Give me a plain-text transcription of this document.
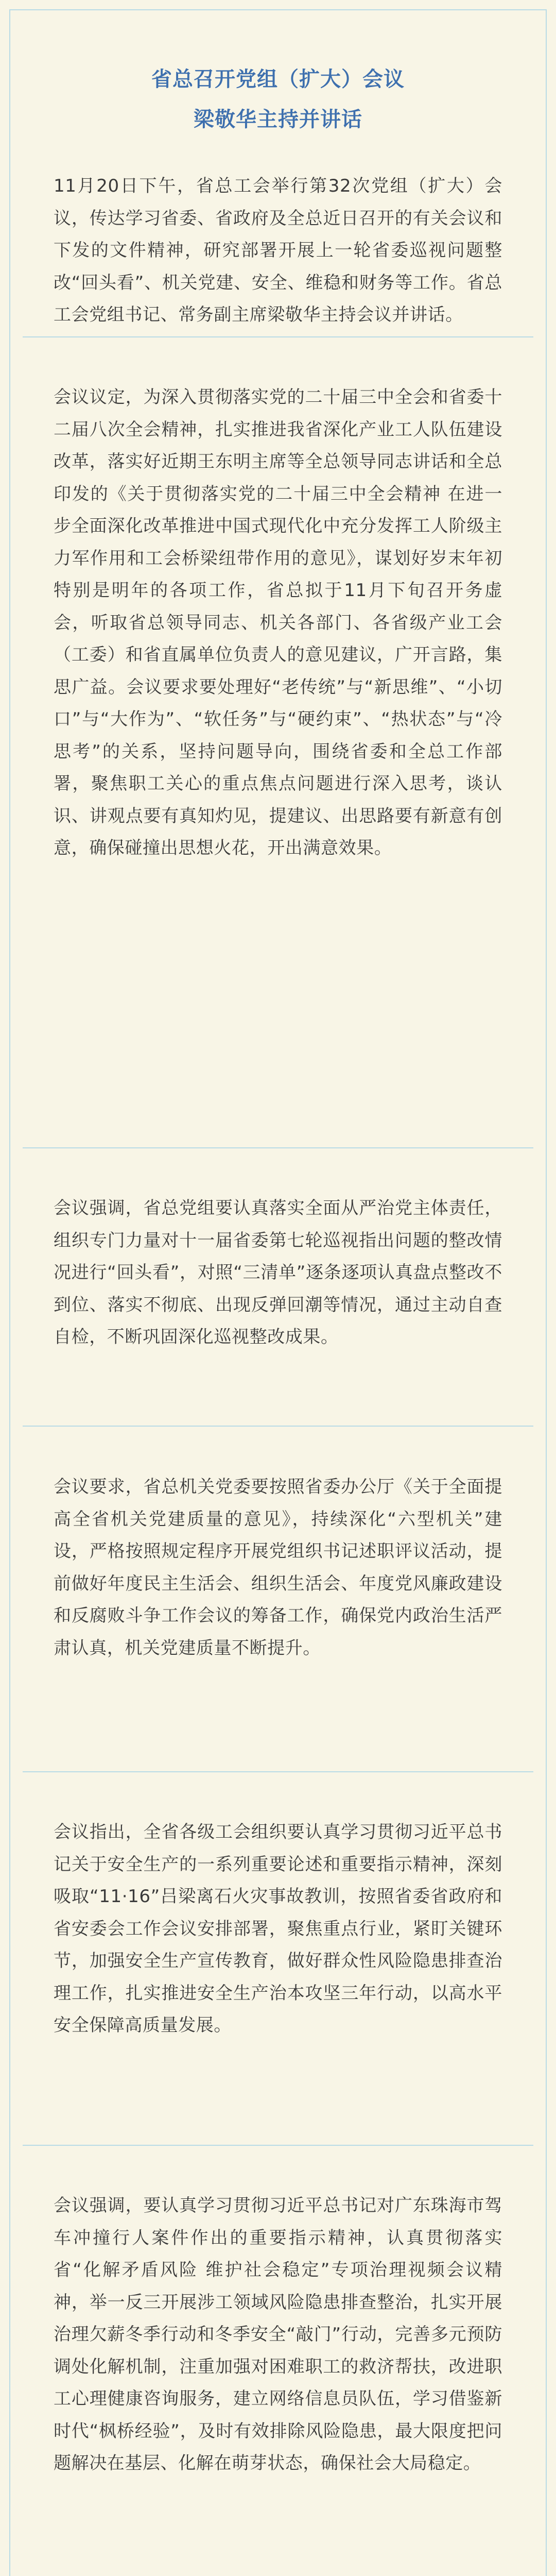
省总召开党组（扩大）会议
梁敬华主持并讲话

11月20日下午，省总工会举行第32次党组（扩大）会议，传达学习省委、省政府及全总近日召开的有关会议和下发的文件精神，研究部署开展上一轮省委巡视问题整改“回头看”、机关党建、安全、维稳和财务等工作。省总工会党组书记、常务副主席梁敬华主持会议并讲话。

会议议定，为深入贯彻落实党的二十届三中全会和省委十二届八次全会精神，扎实推进我省深化产业工人队伍建设改革，落实好近期王东明主席等全总领导同志讲话和全总印发的《关于贯彻落实党的二十届三中全会精神 在进一步全面深化改革推进中国式现代化中充分发挥工人阶级主力军作用和工会桥梁纽带作用的意见》，谋划好岁末年初特别是明年的各项工作，省总拟于11月下旬召开务虚会，听取省总领导同志、机关各部门、各省级产业工会（工委）和省直属单位负责人的意见建议，广开言路，集思广益。会议要求要处理好“老传统”与“新思维”、“小切口”与“大作为”、“软任务”与“硬约束”、“热状态”与“冷思考”的关系，坚持问题导向，围绕省委和全总工作部署，聚焦职工关心的重点焦点问题进行深入思考，谈认识、讲观点要有真知灼见，提建议、出思路要有新意有创意，确保碰撞出思想火花，开出满意效果。

会议强调，省总党组要认真落实全面从严治党主体责任，组织专门力量对十一届省委第七轮巡视指出问题的整改情况进行“回头看”，对照“三清单”逐条逐项认真盘点整改不到位、落实不彻底、出现反弹回潮等情况，通过主动自查自检，不断巩固深化巡视整改成果。

会议要求，省总机关党委要按照省委办公厅《关于全面提高全省机关党建质量的意见》，持续深化“六型机关”建设，严格按照规定程序开展党组织书记述职评议活动，提前做好年度民主生活会、组织生活会、年度党风廉政建设和反腐败斗争工作会议的筹备工作，确保党内政治生活严肃认真，机关党建质量不断提升。

会议指出，全省各级工会组织要认真学习贯彻习近平总书记关于安全生产的一系列重要论述和重要指示精神，深刻吸取“11·16”吕梁离石火灾事故教训，按照省委省政府和省安委会工作会议安排部署，聚焦重点行业，紧盯关键环节，加强安全生产宣传教育，做好群众性风险隐患排查治理工作，扎实推进安全生产治本攻坚三年行动，以高水平安全保障高质量发展。

会议强调，要认真学习贯彻习近平总书记对广东珠海市驾车冲撞行人案件作出的重要指示精神，认真贯彻落实省“化解矛盾风险 维护社会稳定”专项治理视频会议精神，举一反三开展涉工领域风险隐患排查整治，扎实开展治理欠薪冬季行动和冬季安全“敲门”行动，完善多元预防调处化解机制，注重加强对困难职工的救济帮扶，改进职工心理健康咨询服务，建立网络信息员队伍，学习借鉴新时代“枫桥经验”，及时有效排除风险隐患，最大限度把问题解决在基层、化解在萌芽状态，确保社会大局稳定。
